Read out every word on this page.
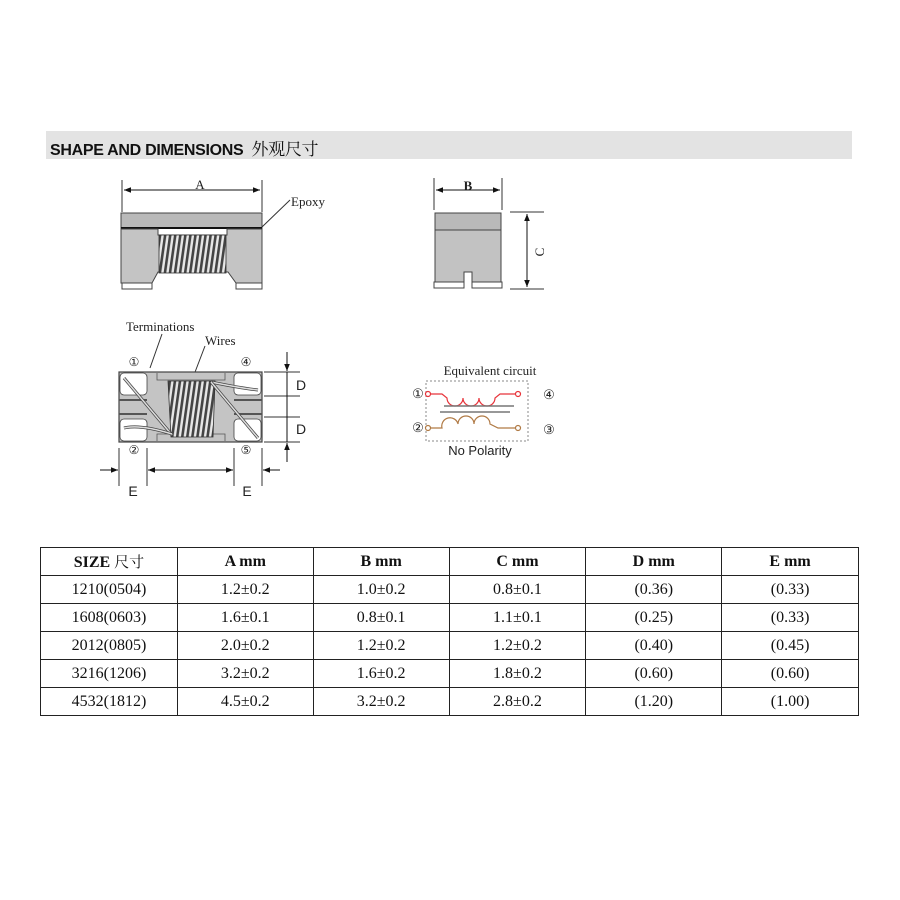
SHAPE AND DIMENSIONS 外观尺寸
A
Epoxy
B
C
Terminations
Wires
①	④
②	⑤
D
D
E	E
Equivalent circuit
①
②
④
③
No Polarity
SIZE 尺寸	A mm	B mm	C mm	D mm	E mm
1210(0504)	1.2±0.2	1.0±0.2	0.8±0.1	(0.36)	(0.33)
1608(0603)	1.6±0.1	0.8±0.1	1.1±0.1	(0.25)	(0.33)
2012(0805)	2.0±0.2	1.2±0.2	1.2±0.2	(0.40)	(0.45)
3216(1206)	3.2±0.2	1.6±0.2	1.8±0.2	(0.60)	(0.60)
4532(1812)	4.5±0.2	3.2±0.2	2.8±0.2	(1.20)	(1.00)
